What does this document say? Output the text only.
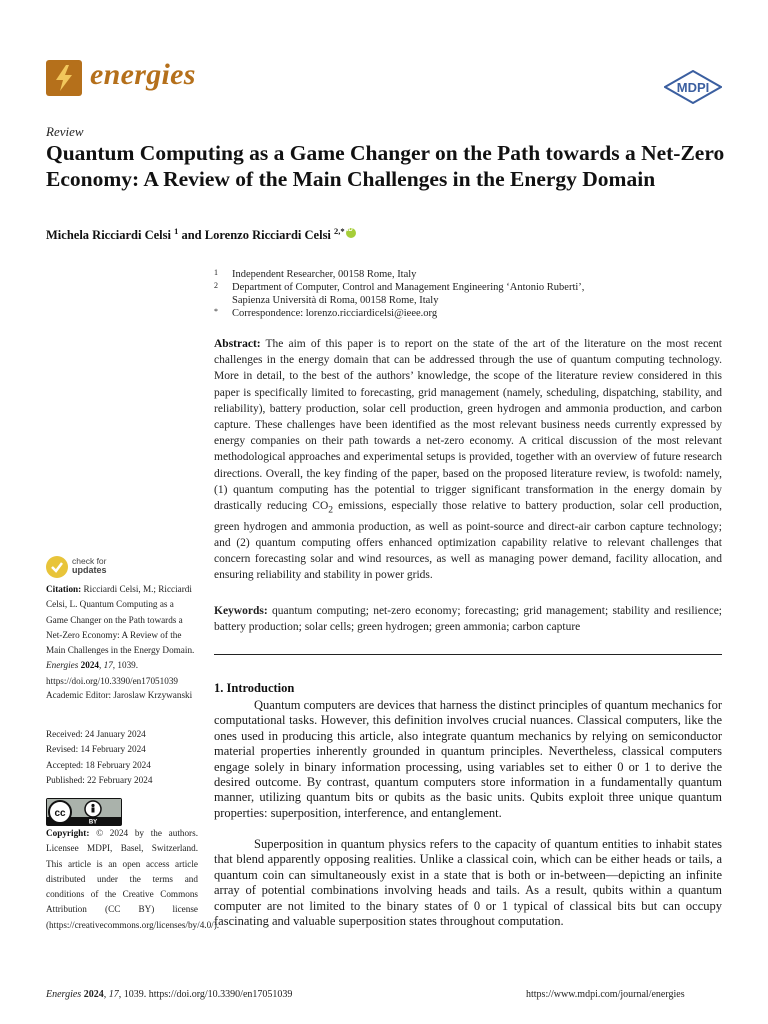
energies	MDPI
Review
Quantum Computing as a Game Changer on the Path towards a Net-Zero Economy: A Review of the Main Challenges in the Energy Domain
Michela Ricciardi Celsi $^1$ and Lorenzo Ricciardi Celsi $^{2,*}$iD
1 Independent Researcher, 00158 Rome, Italy
2 Department of Computer, Control and Management Engineering ‘Antonio Ruberti’,
Sapienza Università di Roma, 00158 Rome, Italy
* Correspondence: lorenzo.ricciardicelsi@ieee.org
Abstract: The aim of this paper is to report on the state of the art of the literature on the most recent challenges in the energy domain that can be addressed through the use of quantum computing technology. More in detail, to the best of the authors’ knowledge, the scope of the literature review considered in this paper is specifically limited to forecasting, grid management (namely, scheduling, dispatching, stability, and reliability), battery production, solar cell production, green hydrogen and ammonia production, and carbon capture. These challenges have been identified as the most relevant business needs currently expressed by energy companies on their path towards a net-zero economy. A critical discussion of the most relevant methodological approaches and experimental setups is provided, together with an overview of future research directions. Overall, the key finding of the paper, based on the proposed literature review, is twofold: namely, (1) quantum computing has the potential to trigger significant transformation in the energy domain by drastically reducing $CO_2$ emissions, especially those relative to battery production, solar cell production, green hydrogen and ammonia production, as well as point-source and direct-air carbon capture technology; and (2) quantum computing offers enhanced optimization capability relative to relevant challenges that concern forecasting solar and wind resources, as well as managing power demand, facility allocation, and ensuring reliability and stability in power grids.
Keywords: quantum computing; net-zero economy; forecasting; grid management; stability and resilience; battery production; solar cells; green hydrogen; green ammonia; carbon capture
1. Introduction
Quantum computers are devices that harness the distinct principles of quantum mechanics for computational tasks. However, this definition involves crucial nuances. Classical computers, like the ones used in producing this article, also integrate quantum mechanics by relying on semiconductor material properties inherently grounded in quantum principles. Nevertheless, classical computers engage solely in binary information processing, using variables set to either 0 or 1 to derive the desired outcome. By contrast, quantum computers store information in a fundamentally quantum manner, utilizing quantum bits or qubits as the basic units. Qubits exploit three unique quantum properties: superposition, interference, and entanglement.
Superposition in quantum physics refers to the capacity of quantum entities to inhabit states that blend apparently opposing realities. Unlike a classical coin, which can be either heads or tails, a quantum coin can simultaneously exist in a state that is both or in-between—depicting an infinite array of potential combinations involving heads and tails. As a result, qubits within a quantum computer are not limited to the binary states of 0 or 1 typical of classical bits but can occupy fascinating and valuable superposition states throughout computation.
check for
updates
Citation: Ricciardi Celsi, M.; Ricciardi Celsi, L. Quantum Computing as a Game Changer on the Path towards a Net-Zero Economy: A Review of the Main Challenges in the Energy Domain. Energies 2024, 17, 1039. https://doi.org/10.3390/en17051039
Academic Editor: Jaroslaw Krzywanski
Received: 24 January 2024
Revised: 14 February 2024
Accepted: 18 February 2024
Published: 22 February 2024
cc
BY
Copyright: © 2024 by the authors. Licensee MDPI, Basel, Switzerland. This article is an open access article distributed under the terms and conditions of the Creative Commons Attribution (CC BY) license (https://creativecommons.org/licenses/by/4.0/).
Energies 2024, 17, 1039. https://doi.org/10.3390/en17051039	https://www.mdpi.com/journal/energies
